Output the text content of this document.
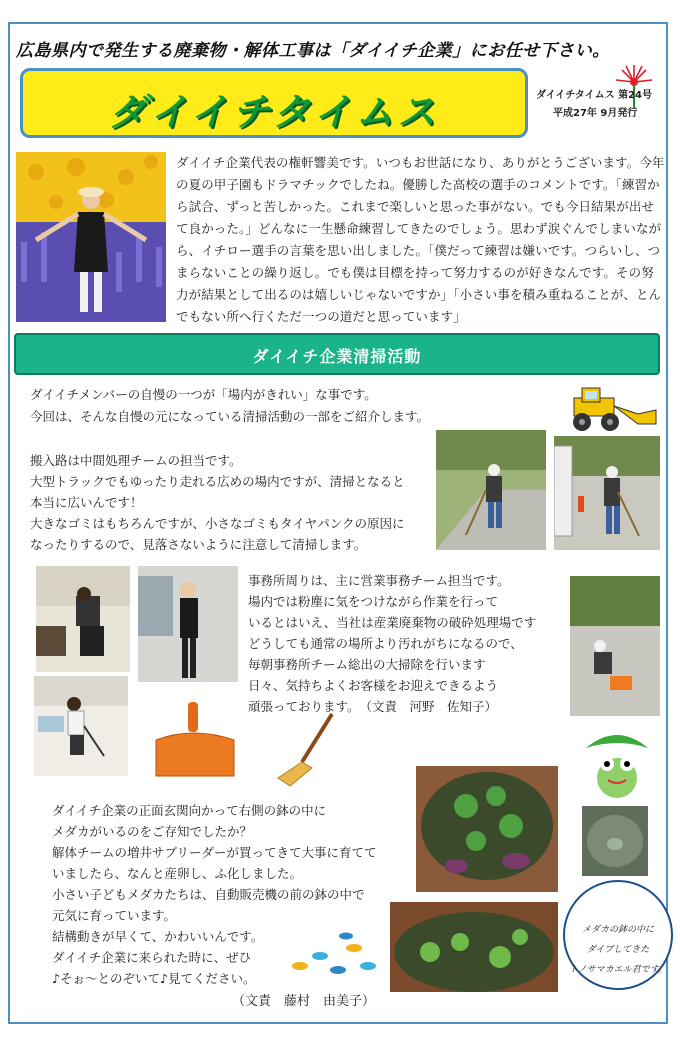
広島県内で発生する廃棄物・解体工事は「ダイイチ企業」にお任せ下さい。
ダイイチタイムス	ダイイチタイムス 第24号
平成27年 9月発行
ダイイチ企業代表の権軒響美です。いつもお世話になり、ありがとうございます。今年の夏の甲子園もドラマチックでしたね。優勝した高校の選手のコメントです。「練習から試合、ずっと苦しかった。これまで楽しいと思った事がない。でも今日結果が出せて良かった。」どんなに一生懸命練習してきたのでしょう。思わず涙ぐんでしまいながら、イチロー選手の言葉を思い出しました。「僕だって練習は嫌いです。つらいし、つまらないことの繰り返し。でも僕は目標を持って努力するのが好きなんです。その努力が結果として出るのは嬉しいじゃないですか」「小さい事を積み重ねることが、とんでもない所へ行くただ一つの道だと思っています」
ダイイチ企業清掃活動
ダイイチメンバーの自慢の一つが「場内がきれい」な事です。
今回は、そんな自慢の元になっている清掃活動の一部をご紹介します。
搬入路は中間処理チームの担当です。
大型トラックでもゆったり走れる広めの場内ですが、清掃となると
本当に広いんです！
大きなゴミはもちろんですが、小さなゴミもタイヤパンクの原因に
なったりするので、見落さないように注意して清掃します。
事務所周りは、主に営業事務チーム担当です。
場内では粉塵に気をつけながら作業を行って
いるとはいえ、当社は産業廃棄物の破砕処理場です
どうしても通常の場所より汚れがちになるので、
毎朝事務所チーム総出の大掃除を行います
日々、気持ちよくお客様をお迎えできるよう
頑張っております。　（文責　河野　佐知子）
ダイイチ企業の正面玄関向かって右側の鉢の中に
メダカがいるのをご存知でしたか？
解体チームの増井サブリーダーが買ってきて大事に育てて
いましたら、なんと産卵し、ふ化しました。
小さい子どもメダカたちは、自動販売機の前の鉢の中で
元気に育っています。
結構動きが早くて、かわいいんです。
ダイイチ企業に来られた時に、ぜひ
♪そぉ～とのぞいて♪見てください。
メダカの鉢の中に
ダイブしてきた
トノサマカエル君です。
（文責　藤村　由美子）
